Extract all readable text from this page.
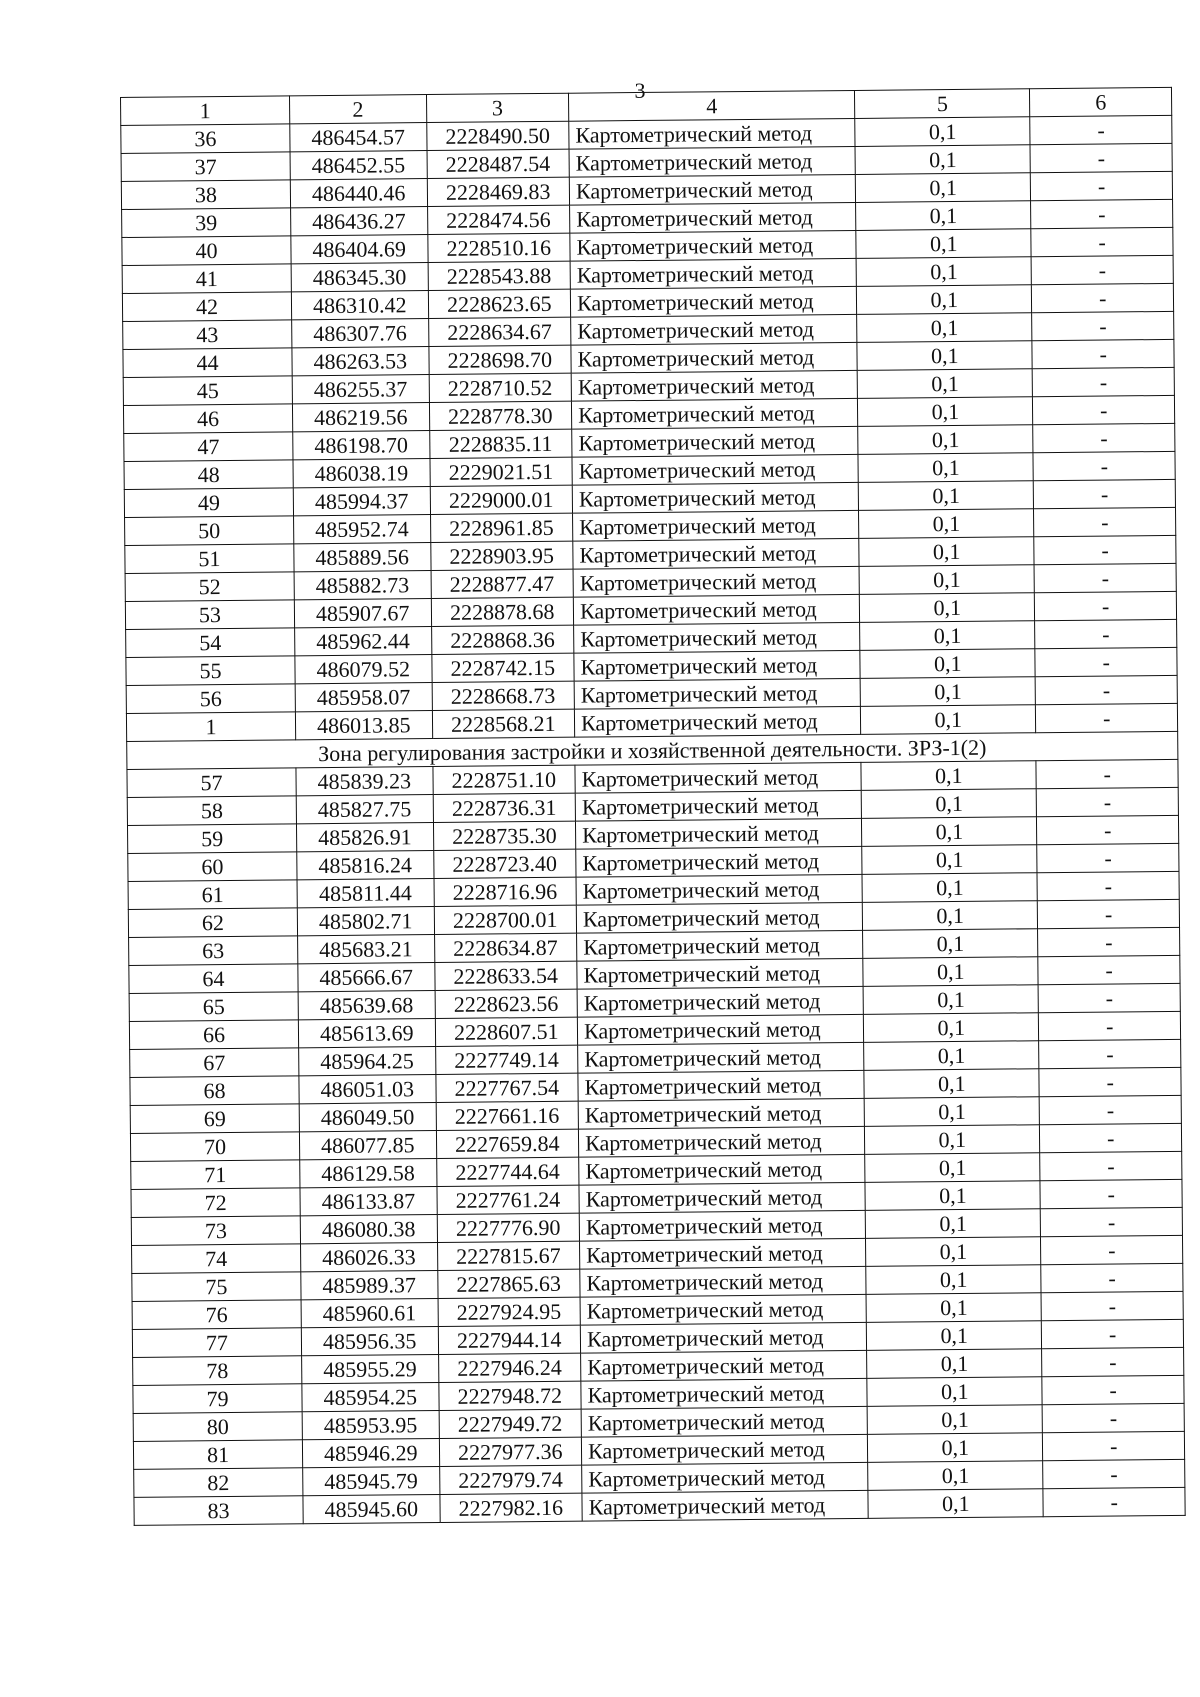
3
1	2	3	4	5	6
36	486454.57	2228490.50	Картометрический метод	0,1	-
37	486452.55	2228487.54	Картометрический метод	0,1	-
38	486440.46	2228469.83	Картометрический метод	0,1	-
39	486436.27	2228474.56	Картометрический метод	0,1	-
40	486404.69	2228510.16	Картометрический метод	0,1	-
41	486345.30	2228543.88	Картометрический метод	0,1	-
42	486310.42	2228623.65	Картометрический метод	0,1	-
43	486307.76	2228634.67	Картометрический метод	0,1	-
44	486263.53	2228698.70	Картометрический метод	0,1	-
45	486255.37	2228710.52	Картометрический метод	0,1	-
46	486219.56	2228778.30	Картометрический метод	0,1	-
47	486198.70	2228835.11	Картометрический метод	0,1	-
48	486038.19	2229021.51	Картометрический метод	0,1	-
49	485994.37	2229000.01	Картометрический метод	0,1	-
50	485952.74	2228961.85	Картометрический метод	0,1	-
51	485889.56	2228903.95	Картометрический метод	0,1	-
52	485882.73	2228877.47	Картометрический метод	0,1	-
53	485907.67	2228878.68	Картометрический метод	0,1	-
54	485962.44	2228868.36	Картометрический метод	0,1	-
55	486079.52	2228742.15	Картометрический метод	0,1	-
56	485958.07	2228668.73	Картометрический метод	0,1	-
1	486013.85	2228568.21	Картометрический метод	0,1	-
Зона регулирования застройки и хозяйственной деятельности. ЗРЗ-1(2)					
57	485839.23	2228751.10	Картометрический метод	0,1	-
58	485827.75	2228736.31	Картометрический метод	0,1	-
59	485826.91	2228735.30	Картометрический метод	0,1	-
60	485816.24	2228723.40	Картометрический метод	0,1	-
61	485811.44	2228716.96	Картометрический метод	0,1	-
62	485802.71	2228700.01	Картометрический метод	0,1	-
63	485683.21	2228634.87	Картометрический метод	0,1	-
64	485666.67	2228633.54	Картометрический метод	0,1	-
65	485639.68	2228623.56	Картометрический метод	0,1	-
66	485613.69	2228607.51	Картометрический метод	0,1	-
67	485964.25	2227749.14	Картометрический метод	0,1	-
68	486051.03	2227767.54	Картометрический метод	0,1	-
69	486049.50	2227661.16	Картометрический метод	0,1	-
70	486077.85	2227659.84	Картометрический метод	0,1	-
71	486129.58	2227744.64	Картометрический метод	0,1	-
72	486133.87	2227761.24	Картометрический метод	0,1	-
73	486080.38	2227776.90	Картометрический метод	0,1	-
74	486026.33	2227815.67	Картометрический метод	0,1	-
75	485989.37	2227865.63	Картометрический метод	0,1	-
76	485960.61	2227924.95	Картометрический метод	0,1	-
77	485956.35	2227944.14	Картометрический метод	0,1	-
78	485955.29	2227946.24	Картометрический метод	0,1	-
79	485954.25	2227948.72	Картометрический метод	0,1	-
80	485953.95	2227949.72	Картометрический метод	0,1	-
81	485946.29	2227977.36	Картометрический метод	0,1	-
82	485945.79	2227979.74	Картометрический метод	0,1	-
83	485945.60	2227982.16	Картометрический метод	0,1	-
